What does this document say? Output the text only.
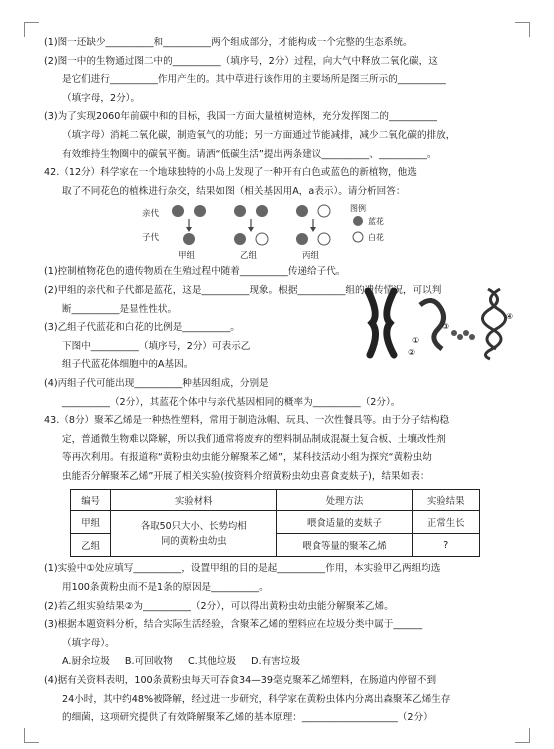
(1)图一还缺少__________和__________两个组成部分，才能构成一个完整的生态系统。
(2)图一中的生物通过图二中的__________（填序号，2分）过程，向大气中释放二氧化碳，这
是它们进行__________作用产生的。其中草进行该作用的主要场所是图三所示的__________
（填字母，2分）。
(3)为了实现2060年前碳中和的目标，我国一方面大量植树造林，充分发挥图二的__________
（填字母）消耗二氧化碳，制造氧气的功能；另一方面通过节能减排，减少二氧化碳的排放，
有效维持生物圈中的碳氧平衡。请洒“低碳生活”提出两条建议__________、__________。
42.（12分）科学家在一个地球独特的小岛上发现了一种开有白色或蓝色的新植物，他选
取了不同花色的植株进行杂交，结果如图（相关基因用A，a表示）。请分析回答：
亲代
子代
甲组	乙组	丙组
图例
蓝花
白花
(1)控制植物花色的遗传物质在生殖过程中随着__________传递给子代。
(2)甲组的亲代和子代都是蓝花，这是__________现象。根据__________组的遗传情况，可以判
断__________是显性性状。
(3)乙组子代蓝花和白花的比例是__________。
下图中__________（填序号，2分）可表示乙
组子代蓝花体细胞中的A基因。
(4)丙组子代可能出现__________种基因组成，分别是
__________（2分），其蓝花个体中与亲代基因相同的概率为__________（2分）。
①
②
③
④
43.（8分）聚苯乙烯是一种热性塑料，常用于制造泳帽、玩具、一次性餐具等。由于分子结构稳
定，普通微生物难以降解，所以我们通常将废弃的塑料制品制成混凝土复合板、土壤改性剂
等再次利用。有报道称“黄粉虫幼虫能分解聚苯乙烯”，某科技活动小组为探究“黄粉虫幼
虫能否分解聚苯乙烯”开展了相关实验(按资料介绍黄粉虫幼虫喜食麦麸子)，结果如表：
编号	实验材料	处理方法	实验结果
甲组	各取50只大小、长势均相
同的黄粉虫幼虫	喂食适量的麦麸子	正常生长
乙组		喂食等量的聚苯乙烯	?
(1)实验中①处应填写__________，设置甲组的目的是起__________作用，本实验甲乙两组均选
用100条黄粉虫而不是1条的原因是__________。
(2)若乙组实验结果②为__________（2分），可以得出黄粉虫幼虫能分解聚苯乙烯。
(3)根据本题资料分析，结合实际生活经验，含聚苯乙烯的塑料应在垃圾分类中属于______
（填字母）。
A.厨余垃圾 B.可回收物 C.其他垃圾 D.有害垃圾
(4)据有关资料表明，100条黄粉虫每天可吞食34—39毫克聚苯乙烯塑料，在肠道内停留不到
24小时，其中约48%被降解，经过进一步研究，科学家在黄粉虫体内分离出森聚苯乙烯生存
的细菌，这项研究提供了有效降解聚苯乙烯的基本原理：____________________（2分）
